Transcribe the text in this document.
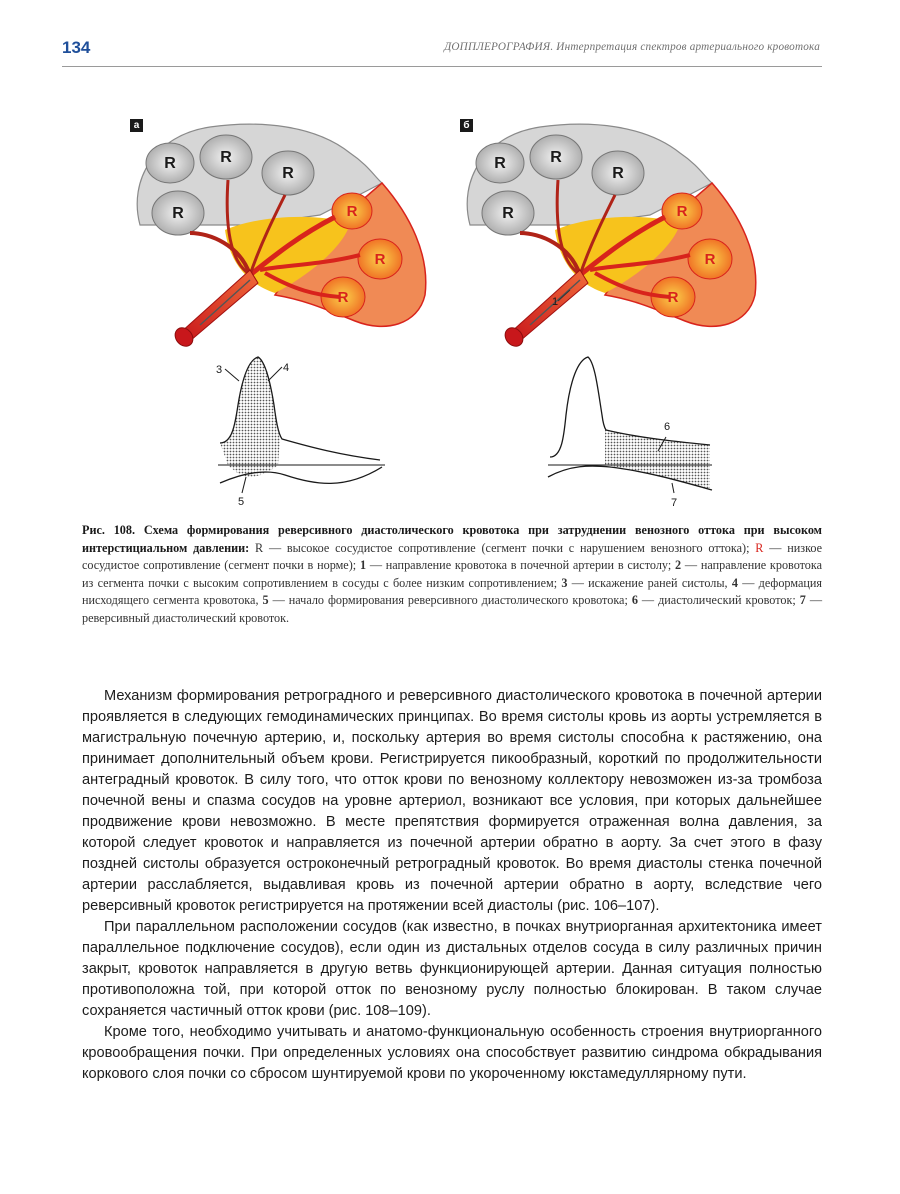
134	ДОППЛЕРОГРАФИЯ. Интерпретация спектров артериального кровотока
а	б
R	R
R
R	R
R
R
R	R
R
R	R
R
R
1
3	4
5
6
7
Рис. 108. Схема формирования реверсивного диастолического кровотока при затруднении венозного оттока при высоком интерстициальном давлении: R — высокое сосудистое сопротивление (сегмент почки с нарушением венозного оттока); R — низкое сосудистое сопротивление (сегмент почки в норме); 1 — направление кровотока в почечной артерии в систолу; 2 — направление кровотока из сегмента почки с высоким сопротивлением в сосуды с более низким сопротивлением; 3 — искажение раней систолы, 4 — деформация нисходящего сегмента кровотока, 5 — начало формирования реверсивного диастолического кровотока; 6 — диастолический кровоток; 7 — реверсивный диастолический кровоток.

Механизм формирования ретроградного и реверсивного диастолического кровотока в почечной артерии проявляется в следующих гемодинамических принципах. Во время систолы кровь из аорты устремляется в магистральную почечную артерию, и, поскольку артерия во время систолы способна к растяжению, она принимает дополнительный объем крови. Регистрируется пикообразный, короткий по продолжительности антеградный кровоток. В силу того, что отток крови по венозному коллектору невозможен из-за тромбоза почечной вены и спазма сосудов на уровне артериол, возникают все условия, при которых дальнейшее продвижение крови невозможно. В месте препятствия формируется отраженная волна давления, за которой следует кровоток и направляется из почечной артерии обратно в аорту. За счет этого в фазу поздней систолы образуется остроконечный ретроградный кровоток. Во время диастолы стенка почечной артерии расслабляется, выдавливая кровь из почечной артерии обратно в аорту, вследствие чего реверсивный кровоток регистрируется на протяжении всей диастолы (рис. 106–107).

При параллельном расположении сосудов (как известно, в почках внутриорганная архитектоника имеет параллельное подключение сосудов), если один из дистальных отделов сосуда в силу различных причин закрыт, кровоток направляется в другую ветвь функционирующей артерии. Данная ситуация полностью противоположна той, при которой отток по венозному руслу полностью блокирован. В таком случае сохраняется частичный отток крови (рис. 108–109).

Кроме того, необходимо учитывать и анатомо-функциональную особенность строения внутриорганного кровообращения почки. При определенных условиях она способствует развитию синдрома обкрадывания коркового слоя почки со сбросом шунтируемой крови по укороченному юкстамедуллярному пути.
